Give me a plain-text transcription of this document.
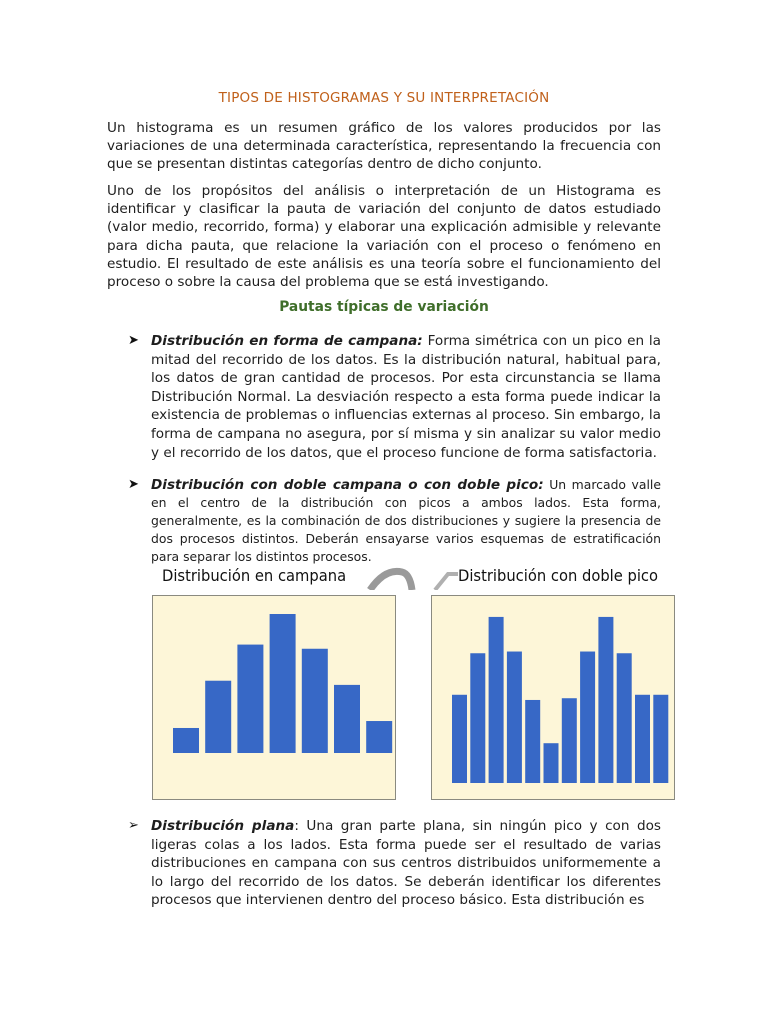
TIPOS DE HISTOGRAMAS Y SU INTERPRETACIÓN

Un histograma es un resumen gráfico de los valores producidos por las variaciones de una determinada característica, representando la frecuencia con que se presentan distintas categorías dentro de dicho conjunto.

Uno de los propósitos del análisis o interpretación de un Histograma es identificar y clasificar la pauta de variación del conjunto de datos estudiado (valor medio, recorrido, forma) y elaborar una explicación admisible y relevante para dicha pauta, que relacione la variación con el proceso o fenómeno en estudio. El resultado de este análisis es una teoría sobre el funcionamiento del proceso o sobre la causa del problema que se está investigando.

Pautas típicas de variación
➤ Distribución en forma de campana: Forma simétrica con un pico en la mitad del recorrido de los datos. Es la distribución natural, habitual para, los datos de gran cantidad de procesos. Por esta circunstancia se llama Distribución Normal. La desviación respecto a esta forma puede indicar la existencia de problemas o influencias externas al proceso. Sin embargo, la forma de campana no asegura, por sí misma y sin analizar su valor medio y el recorrido de los datos, que el proceso funcione de forma satisfactoria.

➤ Distribución con doble campana o con doble pico: Un marcado valle en el centro de la distribución con picos a ambos lados. Esta forma, generalmente, es la combinación de dos distribuciones y sugiere la presencia de dos procesos distintos. Deberán ensayarse varios esquemas de estratificación para separar los distintos procesos.

Distribución en campana	Distribución con doble pico
➢ Distribución plana: Una gran parte plana, sin ningún pico y con dos ligeras colas a los lados. Esta forma puede ser el resultado de varias distribuciones en campana con sus centros distribuidos uniformemente a lo largo del recorrido de los datos. Se deberán identificar los diferentes procesos que intervienen dentro del proceso básico. Esta distribución es
